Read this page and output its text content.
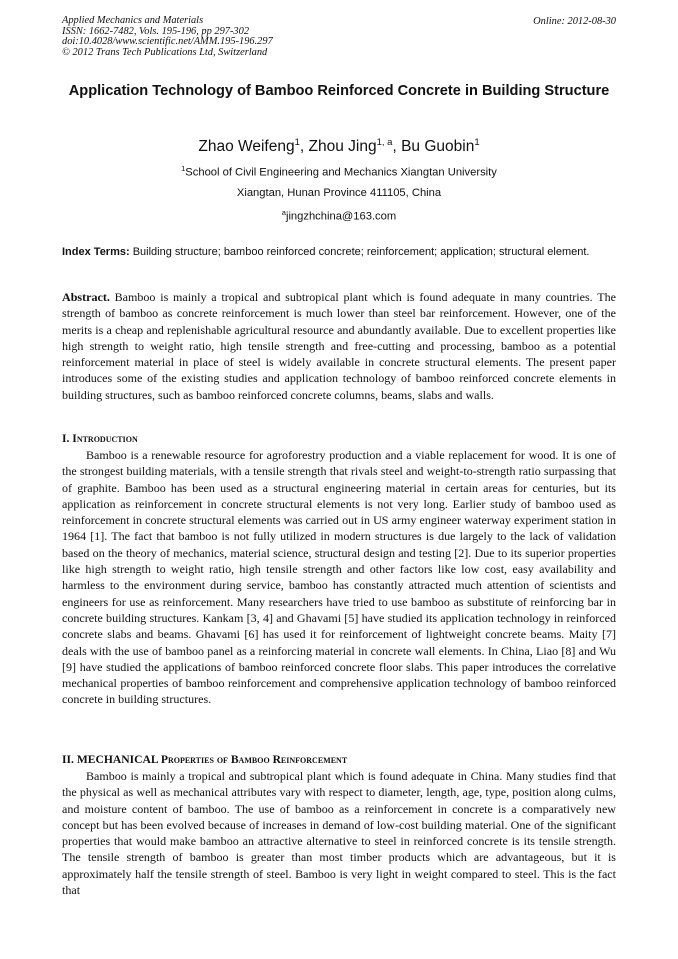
Applied Mechanics and Materials
ISSN: 1662-7482, Vols. 195-196, pp 297-302
doi:10.4028/www.scientific.net/AMM.195-196.297
© 2012 Trans Tech Publications Ltd, Switzerland
Online: 2012-08-30
Application Technology of Bamboo Reinforced Concrete in Building Structure
Zhao Weifeng$^1$, Zhou Jing$^{1, a}$, Bu Guobin$^1$
$^1$School of Civil Engineering and Mechanics Xiangtan University
Xiangtan, Hunan Province 411105, China
$^a$jingzhchina@163.com
Index Terms: Building structure; bamboo reinforced concrete; reinforcement; application; structural element.

Abstract. Bamboo is mainly a tropical and subtropical plant which is found adequate in many countries. The strength of bamboo as concrete reinforcement is much lower than steel bar reinforcement. However, one of the merits is a cheap and replenishable agricultural resource and abundantly available. Due to excellent properties like high strength to weight ratio, high tensile strength and free-cutting and processing, bamboo as a potential reinforcement material in place of steel is widely available in concrete structural elements. The present paper introduces some of the existing studies and application technology of bamboo reinforced concrete elements in building structures, such as bamboo reinforced concrete columns, beams, slabs and walls.

I. Introduction

Bamboo is a renewable resource for agroforestry production and a viable replacement for wood. It is one of the strongest building materials, with a tensile strength that rivals steel and weight-to-strength ratio surpassing that of graphite. Bamboo has been used as a structural engineering material in certain areas for centuries, but its application as reinforcement in concrete structural elements is not very long. Earlier study of bamboo used as reinforcement in concrete structural elements was carried out in US army engineer waterway experiment station in 1964 [1]. The fact that bamboo is not fully utilized in modern structures is due largely to the lack of validation based on the theory of mechanics, material science, structural design and testing [2]. Due to its superior properties like high strength to weight ratio, high tensile strength and other factors like low cost, easy availability and harmless to the environment during service, bamboo has constantly attracted much attention of scientists and engineers for use as reinforcement. Many researchers have tried to use bamboo as substitute of reinforcing bar in concrete building structures. Kankam [3, 4] and Ghavami [5] have studied its application technology in reinforced concrete slabs and beams. Ghavami [6] has used it for reinforcement of lightweight concrete beams. Maity [7] deals with the use of bamboo panel as a reinforcing material in concrete wall elements. In China, Liao [8] and Wu [9] have studied the applications of bamboo reinforced concrete floor slabs. This paper introduces the correlative mechanical properties of bamboo reinforcement and comprehensive application technology of bamboo reinforced concrete in building structures.

II. MECHANICAL Properties of Bamboo Reinforcement

Bamboo is mainly a tropical and subtropical plant which is found adequate in China. Many studies find that the physical as well as mechanical attributes vary with respect to diameter, length, age, type, position along culms, and moisture content of bamboo. The use of bamboo as a reinforcement in concrete is a comparatively new concept but has been evolved because of increases in demand of low-cost building material. One of the significant properties that would make bamboo an attractive alternative to steel in reinforced concrete is its tensile strength. The tensile strength of bamboo is greater than most timber products which are advantageous, but it is approximately half the tensile strength of steel. Bamboo is very light in weight compared to steel. This is the fact that
